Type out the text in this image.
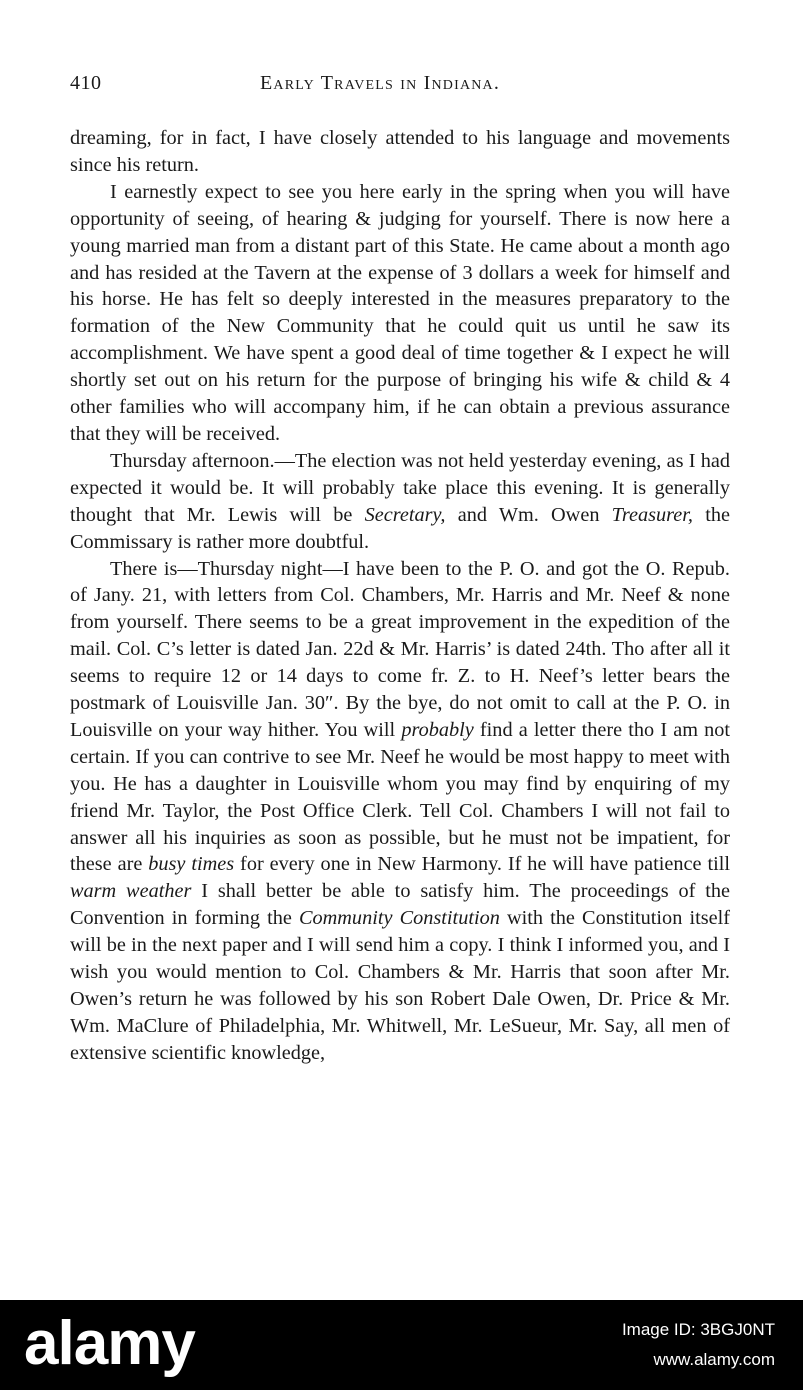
410	Early Travels in Indiana.

dreaming, for in fact, I have closely attended to his language and movements since his return.

I earnestly expect to see you here early in the spring when you will have opportunity of seeing, of hearing & judging for yourself. There is now here a young married man from a distant part of this State. He came about a month ago and has resided at the Tavern at the expense of 3 dollars a week for himself and his horse. He has felt so deeply interested in the measures preparatory to the formation of the New Community that he could quit us until he saw its accomplishment. We have spent a good deal of time together & I expect he will shortly set out on his return for the purpose of bringing his wife & child & 4 other families who will accompany him, if he can obtain a previous assurance that they will be received.

Thursday afternoon.—The election was not held yesterday evening, as I had expected it would be. It will probably take place this evening. It is generally thought that Mr. Lewis will be Secretary, and Wm. Owen Treasurer, the Commissary is rather more doubtful.

There is—Thursday night—I have been to the P. O. and got the O. Repub. of Jany. 21, with letters from Col. Chambers, Mr. Harris and Mr. Neef & none from yourself. There seems to be a great improvement in the expedition of the mail. Col. C’s letter is dated Jan. 22d & Mr. Harris’ is dated 24th. Tho after all it seems to require 12 or 14 days to come fr. Z. to H. Neef’s letter bears the postmark of Louisville Jan. 30″. By the bye, do not omit to call at the P. O. in Louisville on your way hither. You will probably find a letter there tho I am not certain. If you can contrive to see Mr. Neef he would be most happy to meet with you. He has a daughter in Louisville whom you may find by enquiring of my friend Mr. Taylor, the Post Office Clerk. Tell Col. Chambers I will not fail to answer all his inquiries as soon as possible, but he must not be impatient, for these are busy times for every one in New Harmony. If he will have patience till warm weather I shall better be able to satisfy him. The proceedings of the Convention in forming the Community Constitution with the Constitution itself will be in the next paper and I will send him a copy. I think I informed you, and I wish you would mention to Col. Chambers & Mr. Harris that soon after Mr. Owen’s return he was followed by his son Robert Dale Owen, Dr. Price & Mr. Wm. MaClure of Philadelphia, Mr. Whitwell, Mr. LeSueur, Mr. Say, all men of extensive scientific knowledge,

alamy	Image ID: 3BGJ0NT
www.alamy.com
